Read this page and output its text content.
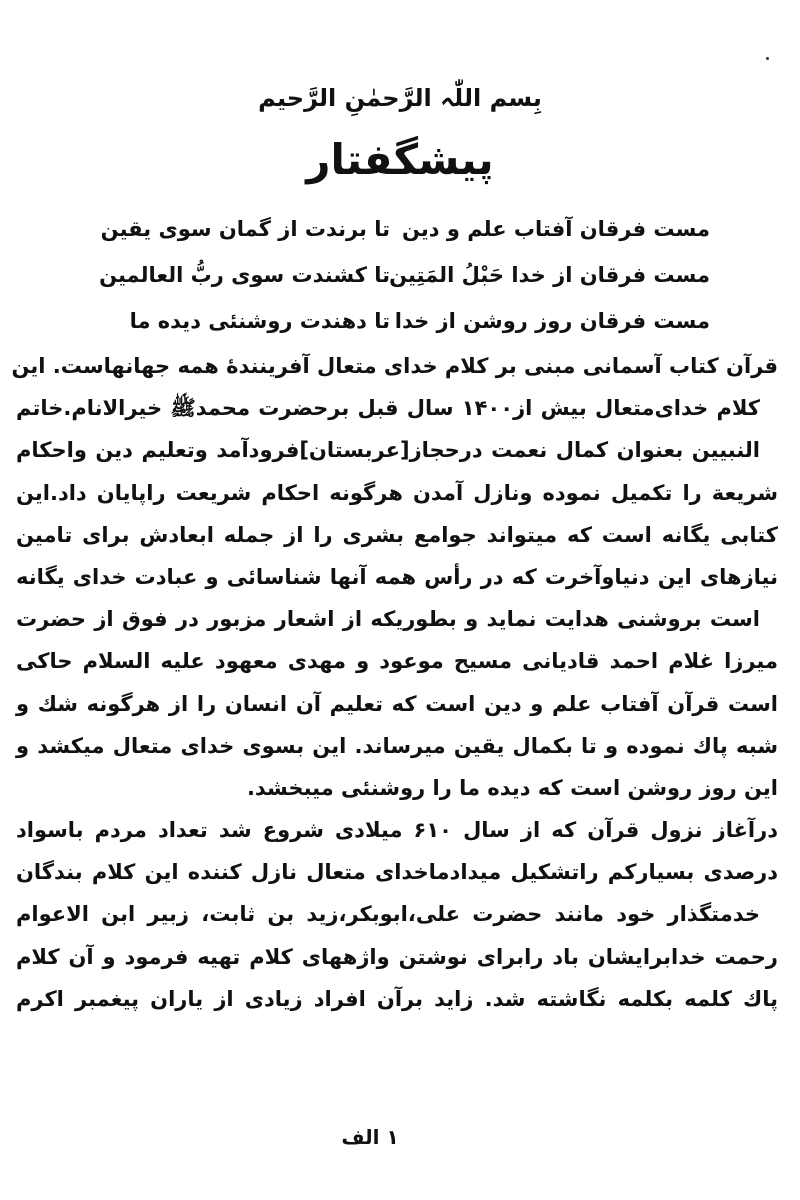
بِسم اللّٰہ الرَّحمٰنِ الرَّحیم
پیشگفتار
مست فرقان آفتاب علم و دین
تا برندت از گمان سوی یقین
مست فرقان از خدا حَبْلُ المَتِین
تا کشندت سوی ربُّ العالمین
مست فرقان روز روشن از خدا
تا دهندت روشنئی دیده ما
قرآن کتاب آسمانی مبنی بر کلام خدای متعال آفرینندهٔ همه جهانهاست. این
کلام خدای‌متعال بیش از۱۴۰۰ سال قبل برحضرت محمدﷺ خیرالانام.خاتم
النبیین بعنوان کمال نعمت درحجاز[عربستان]فرودآمد وتعلیم دین واحکام
شریعة را تکمیل نموده ونازل آمدن هرگونه احکام شریعت راپایان داد.این
کتابی یگانه است که میتواند جوامع بشری را از جمله ابعادش برای تامین
نیازهای این دنیاوآخرت که در رأس همه آنها شناسائی و عبادت خدای یگانه
است بروشنی هدایت نماید و بطوریکه از اشعار مزبور در فوق از حضرت
میرزا غلام احمد قادیانی مسیح موعود و مهدی معهود علیه السلام حاکی
است قرآن آفتاب علم و دین است که تعلیم آن انسان را از هرگونه شك و
شبه پاك نموده و تا بکمال یقین میرساند. این بسوی خدای متعال میکشد و
این روز روشن است که دیده ما را روشنئی میبخشد.
درآغاز نزول قرآن که از سال ۶۱۰ میلادی شروع شد تعداد مردم باسواد
درصدی بسیارکم راتشکیل میدادماخدای متعال نازل کننده این کلام بندگان
خدمتگذار خود مانند حضرت علی،ابوبکر،زید بن ثابت، زبیر ابن الاعوام
رحمت خدابرایشان باد رابرای نوشتن واژههای کلام تهیه فرمود و آن کلام
پاك کلمه بکلمه نگاشته شد. زاید برآن افراد زیادی از یاران پیغمبر اکرم
۱ الف
